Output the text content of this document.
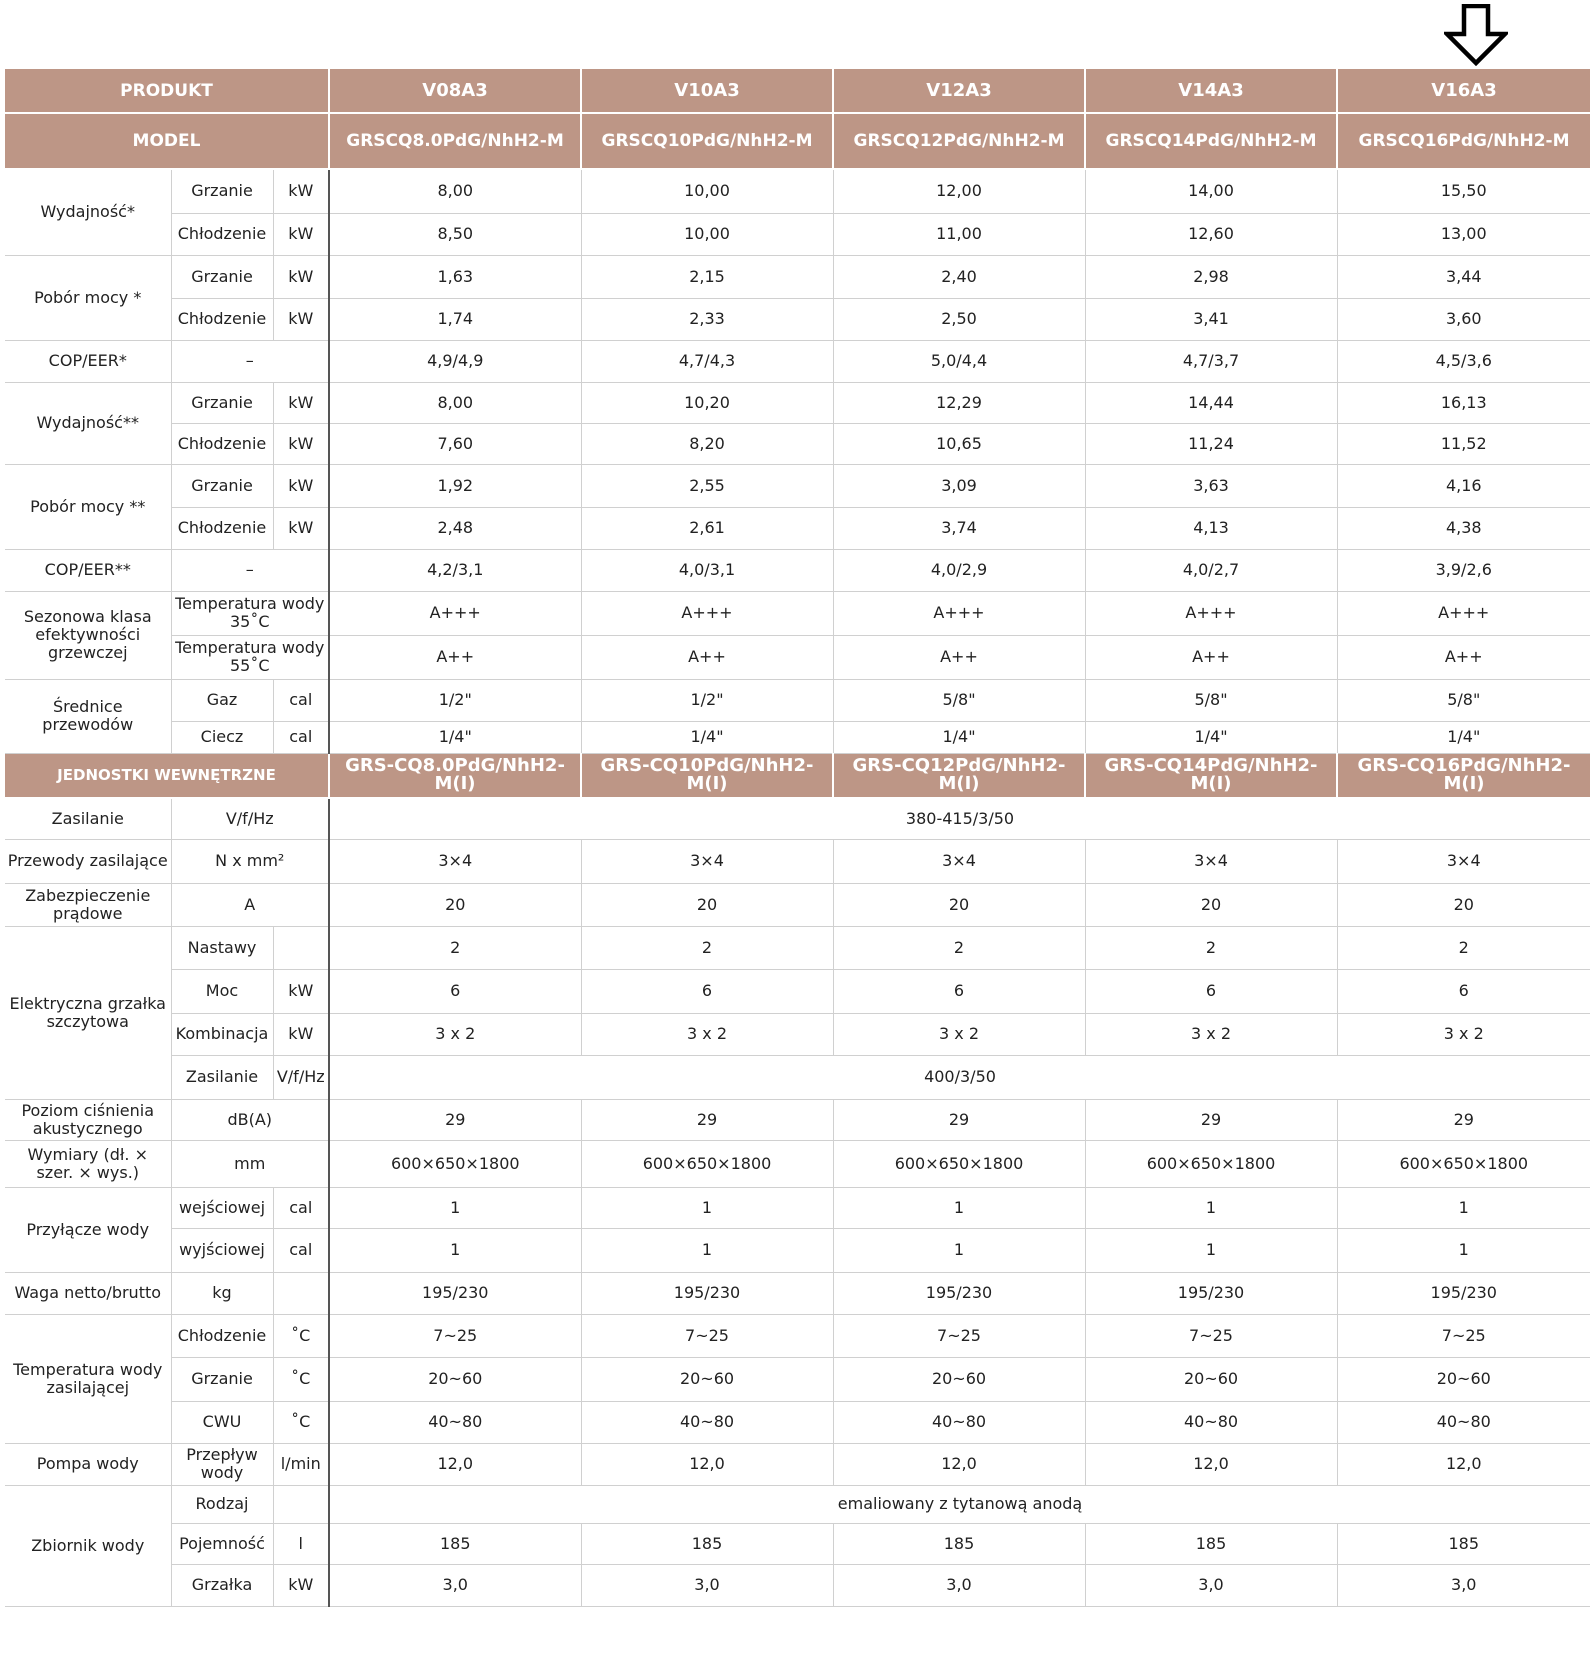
PRODUKT			V08A3	V10A3	V12A3	V14A3	V16A3
MODEL			GRSCQ8.0PdG/NhH2-M	GRSCQ10PdG/NhH2-M	GRSCQ12PdG/NhH2-M	GRSCQ14PdG/NhH2-M	GRSCQ16PdG/NhH2-M
Wydajność*	Grzanie	kW	8,00	10,00	12,00	14,00	15,50
	Chłodzenie	kW	8,50	10,00	11,00	12,60	13,00
Pobór mocy *	Grzanie	kW	1,63	2,15	2,40	2,98	3,44
	Chłodzenie	kW	1,74	2,33	2,50	3,41	3,60
COP/EER*	–		4,9/4,9	4,7/4,3	5,0/4,4	4,7/3,7	4,5/3,6
Wydajność**	Grzanie	kW	8,00	10,20	12,29	14,44	16,13
	Chłodzenie	kW	7,60	8,20	10,65	11,24	11,52
Pobór mocy **	Grzanie	kW	1,92	2,55	3,09	3,63	4,16
	Chłodzenie	kW	2,48	2,61	3,74	4,13	4,38
COP/EER**	–		4,2/3,1	4,0/3,1	4,0/2,9	4,0/2,7	3,9/2,6
Sezonowa klasa efektywności grzewczej	Temperatura wody 35˚C		A+++	A+++	A+++	A+++	A+++
	Temperatura wody 55˚C		A++	A++	A++	A++	A++
Średnice przewodów	Gaz	cal	1/2"	1/2"	5/8"	5/8"	5/8"
	Ciecz	cal	1/4"	1/4"	1/4"	1/4"	1/4"
JEDNOSTKI WEWNĘTRZNE			GRS-CQ8.0PdG/NhH2-M(I)	GRS-CQ10PdG/NhH2-M(I)	GRS-CQ12PdG/NhH2-M(I)	GRS-CQ14PdG/NhH2-M(I)	GRS-CQ16PdG/NhH2-M(I)
Zasilanie	V/f/Hz		380-415/3/50				
Przewody zasilające	N x mm²		3×4	3×4	3×4	3×4	3×4
Zabezpieczenie prądowe	A		20	20	20	20	20
Elektryczna grzałka szczytowa	Nastawy		2	2	2	2	2
	Moc	kW	6	6	6	6	6
	Kombinacja	kW	3 x 2	3 x 2	3 x 2	3 x 2	3 x 2
	Zasilanie	V/f/Hz	400/3/50				
Poziom ciśnienia akustycznego	dB(A)		29	29	29	29	29
Wymiary (dł. × szer. × wys.)	mm		600×650×1800	600×650×1800	600×650×1800	600×650×1800	600×650×1800
Przyłącze wody	wejściowej	cal	1	1	1	1	1
	wyjściowej	cal	1	1	1	1	1
Waga netto/brutto	kg		195/230	195/230	195/230	195/230	195/230
Temperatura wody zasilającej	Chłodzenie	˚C	7~25	7~25	7~25	7~25	7~25
	Grzanie	˚C	20~60	20~60	20~60	20~60	20~60
	CWU	˚C	40~80	40~80	40~80	40~80	40~80
Pompa wody	Przepływ wody	l/min	12,0	12,0	12,0	12,0	12,0
Zbiornik wody	Rodzaj		emaliowany z tytanową anodą				
	Pojemność	l	185	185	185	185	185
	Grzałka	kW	3,0	3,0	3,0	3,0	3,0
